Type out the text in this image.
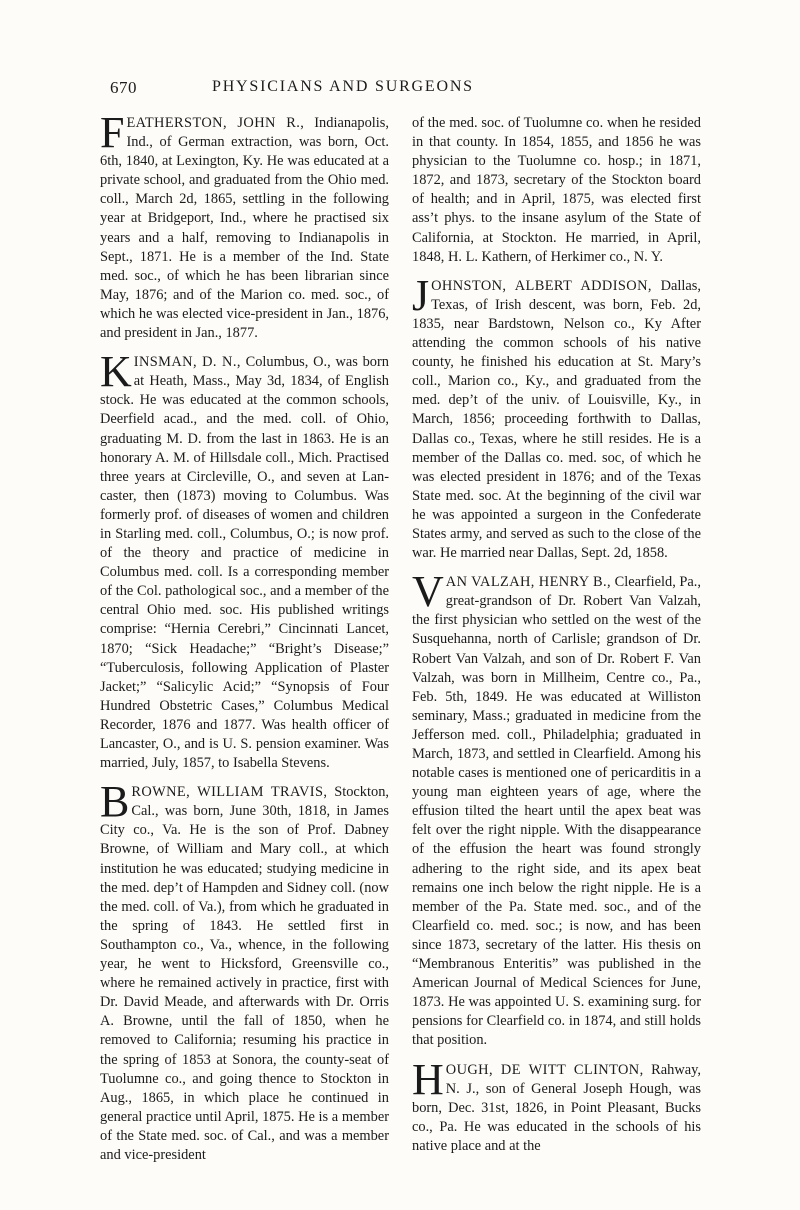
670	PHYSICIANS AND SURGEONS

FEATHERSTON, JOHN R., Indianapolis, Ind., of German extraction, was born, Oct. 6th, 1840, at Lexington, Ky. He was educated at a private school, and graduated from the Ohio med. coll., March 2d, 1865, settling in the following year at Bridgeport, Ind., where he practised six years and a half, removing to Indianapolis in Sept., 1871. He is a member of the Ind. State med. soc., of which he has been librarian since May, 1876; and of the Marion co. med. soc., of which he was elected vice-president in Jan., 1876, and president in Jan., 1877.

KINSMAN, D. N., Columbus, O., was born at Heath, Mass., May 3d, 1834, of English stock. He was educated at the common schools, Deerfield acad., and the med. coll. of Ohio, graduating M. D. from the last in 1863. He is an honorary A. M. of Hillsdale coll., Mich. Practised three years at Circleville, O., and seven at Lancaster, then (1873) moving to Columbus. Was formerly prof. of diseases of women and children in Starling med. coll., Columbus, O.; is now prof. of the theory and practice of medicine in Columbus med. coll. Is a corresponding member of the Col. pathological soc., and a member of the central Ohio med. soc. His published writings comprise: “Hernia Cerebri,” Cincinnati Lancet, 1870; “Sick Headache;” “Bright’s Disease;” “Tuberculosis, following Application of Plaster Jacket;” “Salicylic Acid;” “Synopsis of Four Hundred Obstetric Cases,” Columbus Medical Recorder, 1876 and 1877. Was health officer of Lancaster, O., and is U. S. pension examiner. Was married, July, 1857, to Isabella Stevens.

BROWNE, WILLIAM TRAVIS, Stockton, Cal., was born, June 30th, 1818, in James City co., Va. He is the son of Prof. Dabney Browne, of William and Mary coll., at which institution he was educated; studying medicine in the med. dep’t of Hampden and Sidney coll. (now the med. coll. of Va.), from which he graduated in the spring of 1843. He settled first in Southampton co., Va., whence, in the following year, he went to Hicksford, Greensville co., where he remained actively in practice, first with Dr. David Meade, and afterwards with Dr. Orris A. Browne, until the fall of 1850, when he removed to California; resuming his practice in the spring of 1853 at Sonora, the county-seat of Tuolumne co., and going thence to Stockton in Aug., 1865, in which place he continued in general practice until April, 1875. He is a member of the State med. soc. of Cal., and was a member and vice-president

of the med. soc. of Tuolumne co. when he resided in that county. In 1854, 1855, and 1856 he was physician to the Tuolumne co. hosp.; in 1871, 1872, and 1873, secretary of the Stockton board of health; and in April, 1875, was elected first ass’t phys. to the insane asylum of the State of California, at Stockton. He married, in April, 1848, H. L. Kathern, of Herkimer co., N. Y.

JOHNSTON, ALBERT ADDISON, Dallas, Texas, of Irish descent, was born, Feb. 2d, 1835, near Bardstown, Nelson co., Ky After attending the common schools of his native county, he finished his education at St. Mary’s coll., Marion co., Ky., and graduated from the med. dep’t of the univ. of Louisville, Ky., in March, 1856; proceeding forthwith to Dallas, Dallas co., Texas, where he still resides. He is a member of the Dallas co. med. soc, of which he was elected president in 1876; and of the Texas State med. soc. At the beginning of the civil war he was appointed a surgeon in the Confederate States army, and served as such to the close of the war. He married near Dallas, Sept. 2d, 1858.

VAN VALZAH, HENRY B., Clearfield, Pa., great-grandson of Dr. Robert Van Valzah, the first physician who settled on the west of the Susquehanna, north of Carlisle; grandson of Dr. Robert Van Valzah, and son of Dr. Robert F. Van Valzah, was born in Millheim, Centre co., Pa., Feb. 5th, 1849. He was educated at Williston seminary, Mass.; graduated in medicine from the Jefferson med. coll., Philadelphia; graduated in March, 1873, and settled in Clearfield. Among his notable cases is mentioned one of pericarditis in a young man eighteen years of age, where the effusion tilted the heart until the apex beat was felt over the right nipple. With the disappearance of the effusion the heart was found strongly adhering to the right side, and its apex beat remains one inch below the right nipple. He is a member of the Pa. State med. soc., and of the Clearfield co. med. soc.; is now, and has been since 1873, secretary of the latter. His thesis on “Membranous Enteritis” was published in the American Journal of Medical Sciences for June, 1873. He was appointed U. S. examining surg. for pensions for Clearfield co. in 1874, and still holds that position.

HOUGH, DE WITT CLINTON, Rahway, N. J., son of General Joseph Hough, was born, Dec. 31st, 1826, in Point Pleasant, Bucks co., Pa. He was educated in the schools of his native place and at the
